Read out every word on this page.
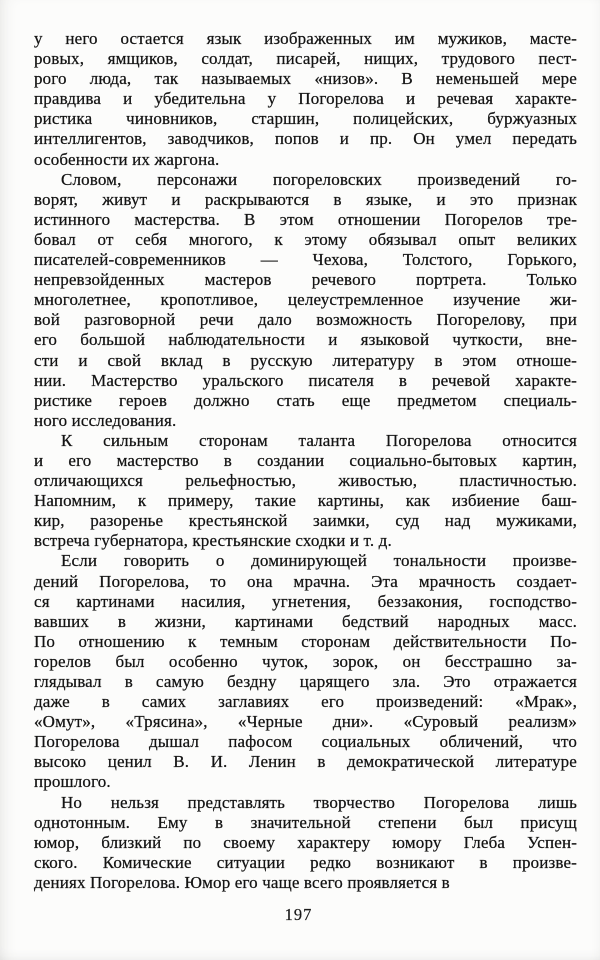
у него остается язык изображенных им мужиков, масте-
ровых, ямщиков, солдат, писарей, нищих, трудового пест-
рого люда, так называемых «низов». В неменьшей мере
правдива и убедительна у Погорелова и речевая характе-
ристика чиновников, старшин, полицейских, буржуазных
интеллигентов, заводчиков, попов и пр. Он умел передать
особенности их жаргона.

Словом, персонажи погореловских произведений го-
ворят, живут и раскрываются в языке, и это признак
истинного мастерства. В этом отношении Погорелов тре-
бовал от себя многого, к этому обязывал опыт великих
писателей-современников — Чехова, Толстого, Горького,
непревзойденных мастеров речевого портрета. Только
многолетнее, кропотливое, целеустремленное изучение жи-
вой разговорной речи дало возможность Погорелову, при
его большой наблюдательности и языковой чуткости, вне-
сти и свой вклад в русскую литературу в этом отноше-
нии. Мастерство уральского писателя в речевой характе-
ристике героев должно стать еще предметом специаль-
ного исследования.

К сильным сторонам таланта Погорелова относится
и его мастерство в создании социально-бытовых картин,
отличающихся рельефностью, живостью, пластичностью.
Напомним, к примеру, такие картины, как избиение баш-
кир, разоренье крестьянской заимки, суд над мужиками,
встреча губернатора, крестьянские сходки и т. д.

Если говорить о доминирующей тональности произве-
дений Погорелова, то она мрачна. Эта мрачность создает-
ся картинами насилия, угнетения, беззакония, господство-
вавших в жизни, картинами бедствий народных масс.
По отношению к темным сторонам действительности По-
горелов был особенно чуток, зорок, он бесстрашно за-
глядывал в самую бездну царящего зла. Это отражается
даже в самих заглавиях его произведений: «Мрак»,
«Омут», «Трясина», «Черные дни». «Суровый реализм»
Погорелова дышал пафосом социальных обличений, что
высоко ценил В. И. Ленин в демократической литературе
прошлого.

Но нельзя представлять творчество Погорелова лишь
однотонным. Ему в значительной степени был присущ
юмор, близкий по своему характеру юмору Глеба Успен-
ского. Комические ситуации редко возникают в произве-
дениях Погорелова. Юмор его чаще всего проявляется в

197
